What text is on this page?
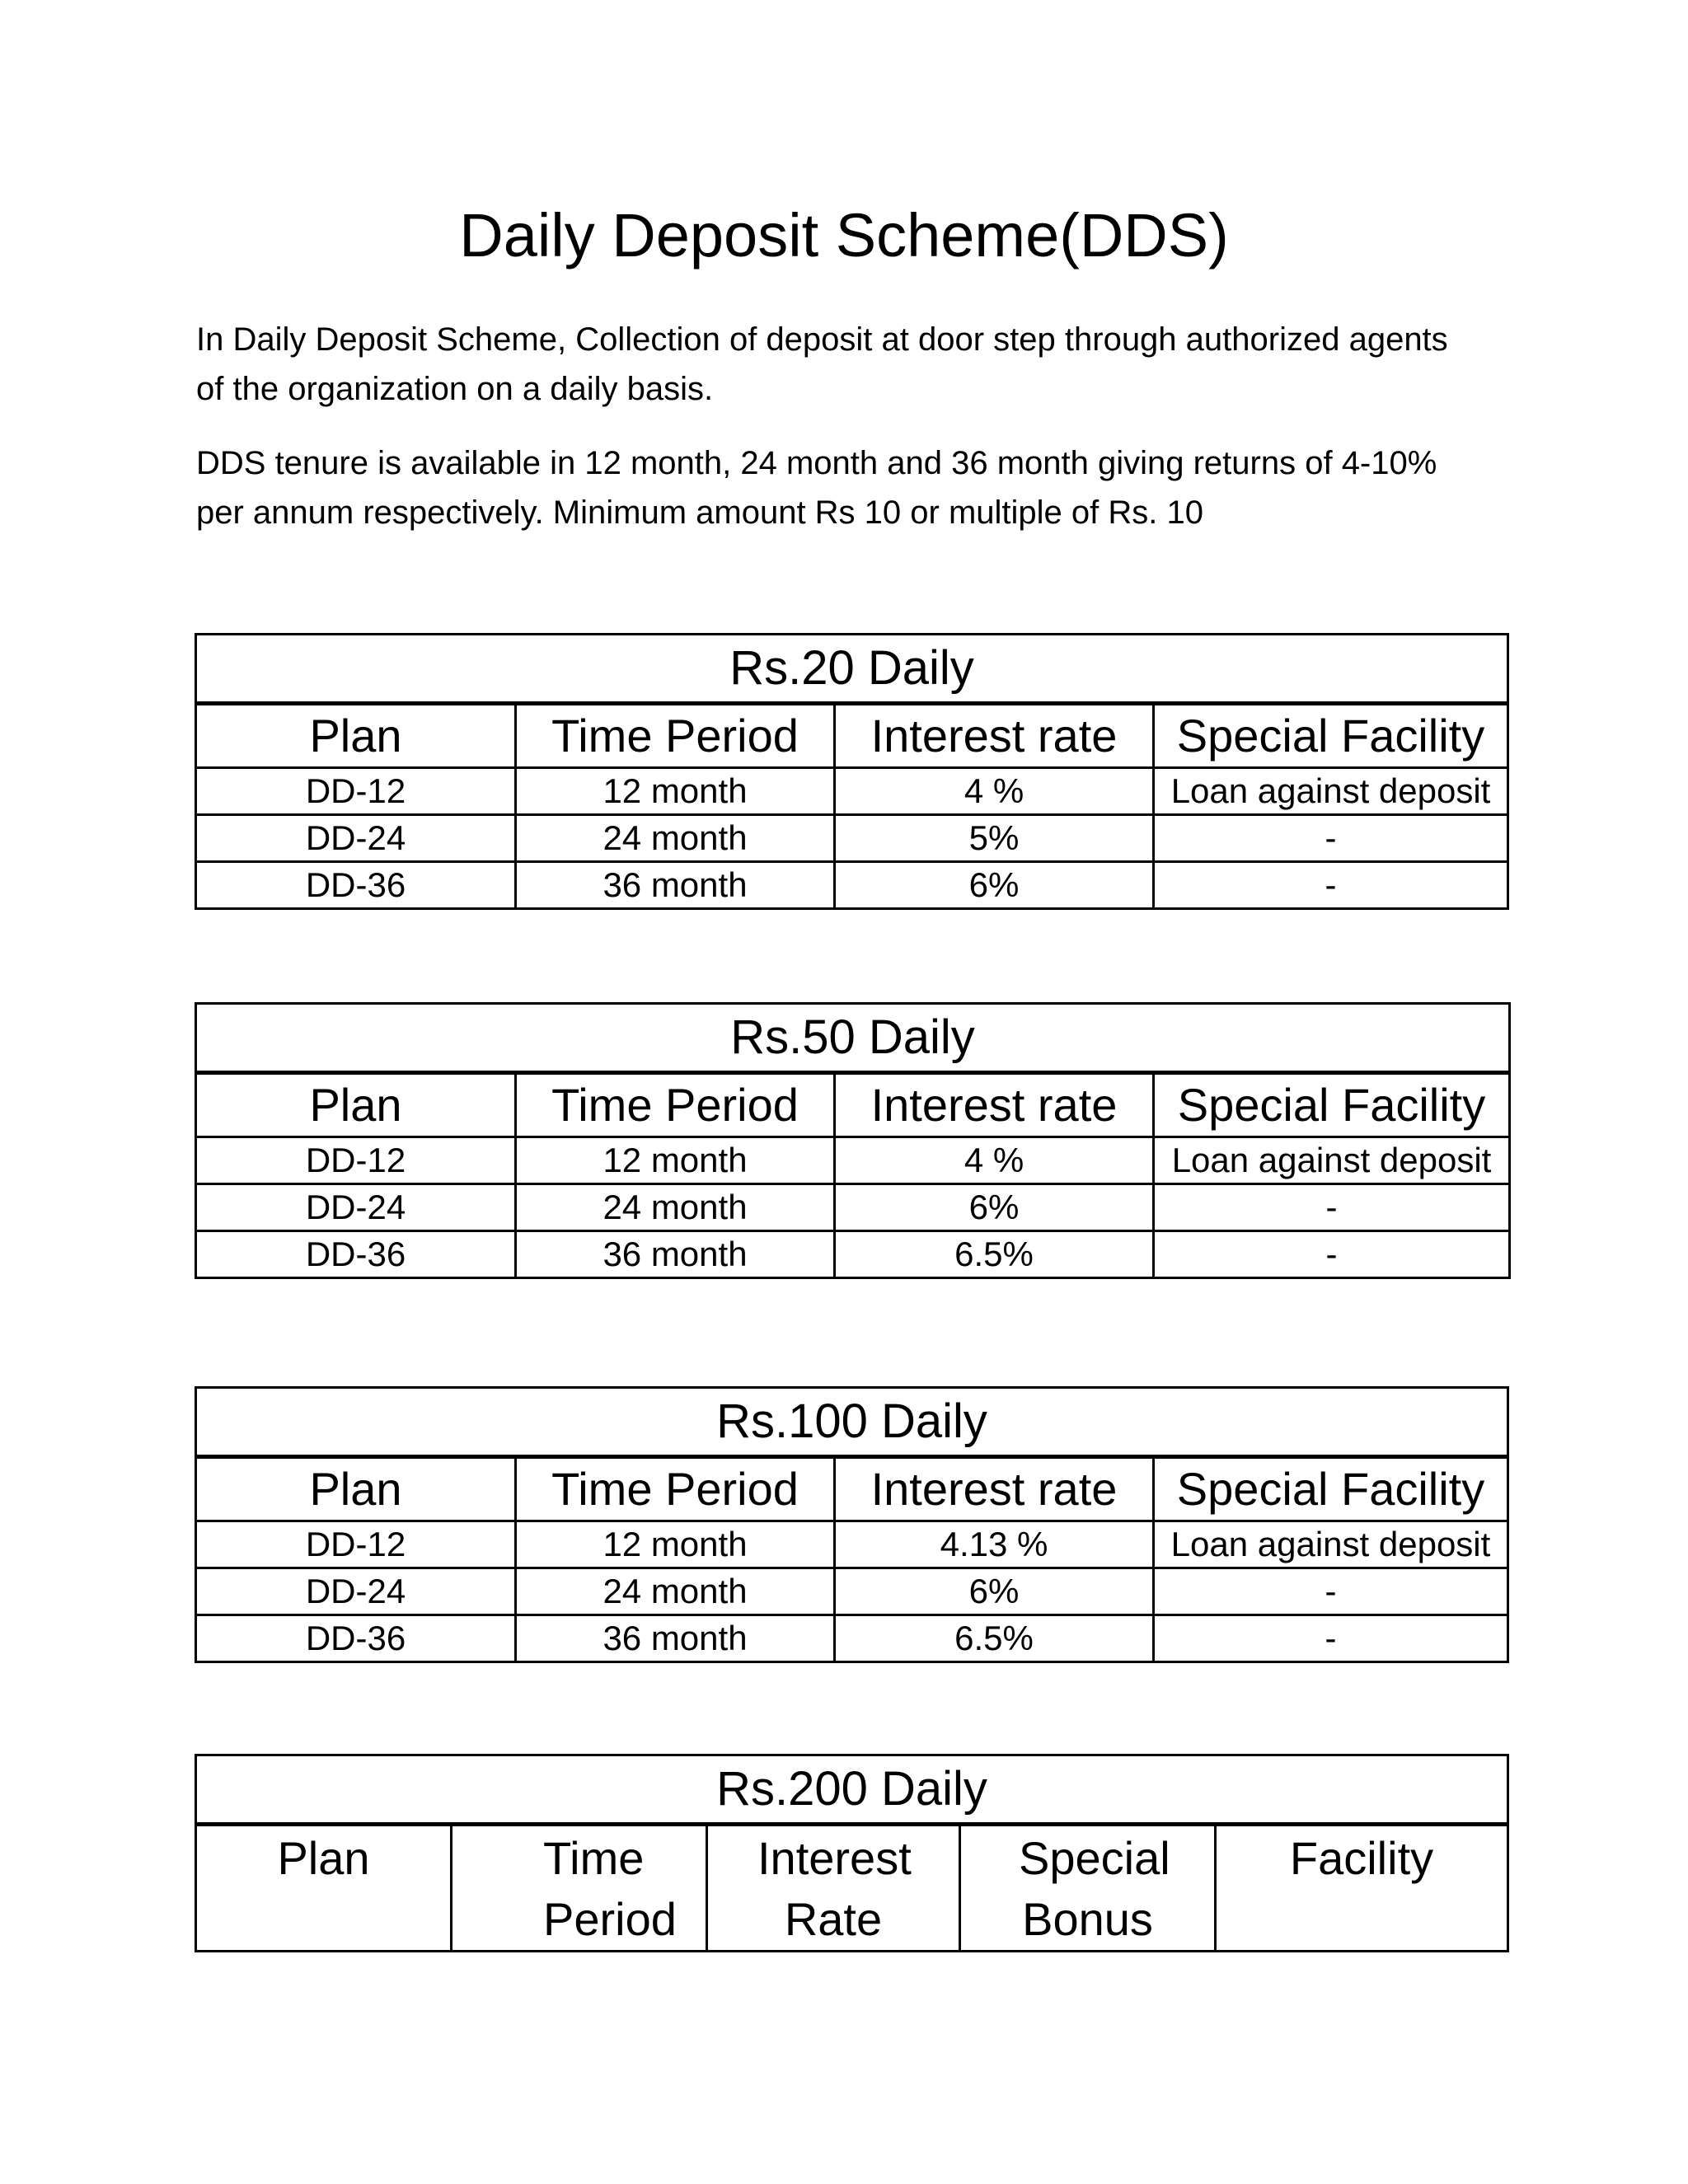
Daily Deposit Scheme(DDS)

In Daily Deposit Scheme, Collection of deposit at door step through authorized agents of the organization on a daily basis.

DDS tenure is available in 12 month, 24 month and 36 month giving returns of 4-10% per annum respectively. Minimum amount Rs 10 or multiple of Rs. 10

Rs.20 Daily			
Plan	Time Period	Interest rate	Special Facility
DD-12	12 month	4 %	Loan against deposit
DD-24	24 month	5%	-
DD-36	36 month	6%	-
Rs.50 Daily			
Plan	Time Period	Interest rate	Special Facility
DD-12	12 month	4 %	Loan against deposit
DD-24	24 month	6%	-
DD-36	36 month	6.5%	-
Rs.100 Daily			
Plan	Time Period	Interest rate	Special Facility
DD-12	12 month	4.13 %	Loan against deposit
DD-24	24 month	6%	-
DD-36	36 month	6.5%	-
Rs.200 Daily
Plan	Time Period	Interest Rate	Special Bonus	Facility
